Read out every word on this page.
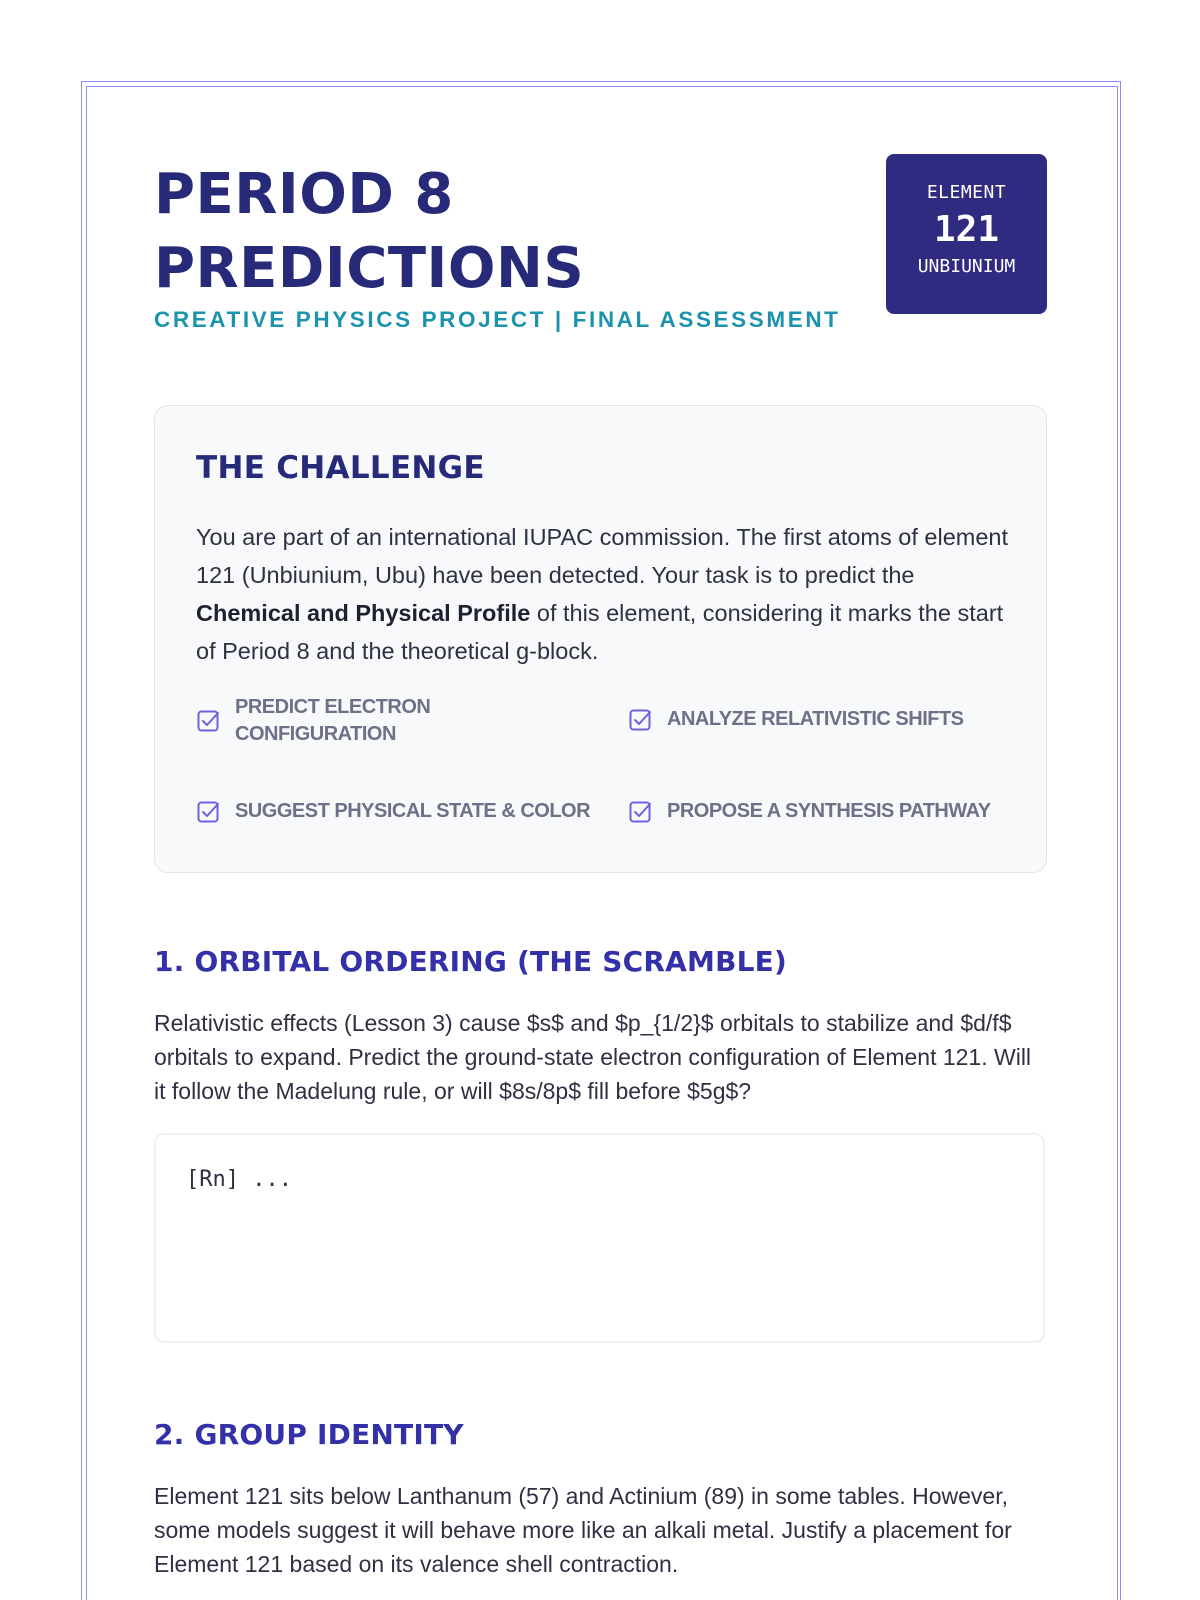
PERIOD 8
PREDICTIONS
CREATIVE PHYSICS PROJECT | FINAL ASSESSMENT
ELEMENT
121
UNBIUNIUM
THE CHALLENGE

You are part of an international IUPAC commission. The first atoms of element 121 (Unbiunium, Ubu) have been detected. Your task is to predict the Chemical and Physical Profile of this element, considering it marks the start of Period 8 and the theoretical g-block.

PREDICT ELECTRON CONFIGURATION
ANALYZE RELATIVISTIC SHIFTS
SUGGEST PHYSICAL STATE & COLOR	PROPOSE A SYNTHESIS PATHWAY
1. ORBITAL ORDERING (THE SCRAMBLE)

Relativistic effects (Lesson 3) cause $s$ and $p_{1/2}$ orbitals to stabilize and $d/f$ orbitals to expand. Predict the ground-state electron configuration of Element 121. Will it follow the Madelung rule, or will $8s/8p$ fill before $5g$?

[Rn] ...
2. GROUP IDENTITY

Element 121 sits below Lanthanum (57) and Actinium (89) in some tables. However, some models suggest it will behave more like an alkali metal. Justify a placement for Element 121 based on its valence shell contraction.
